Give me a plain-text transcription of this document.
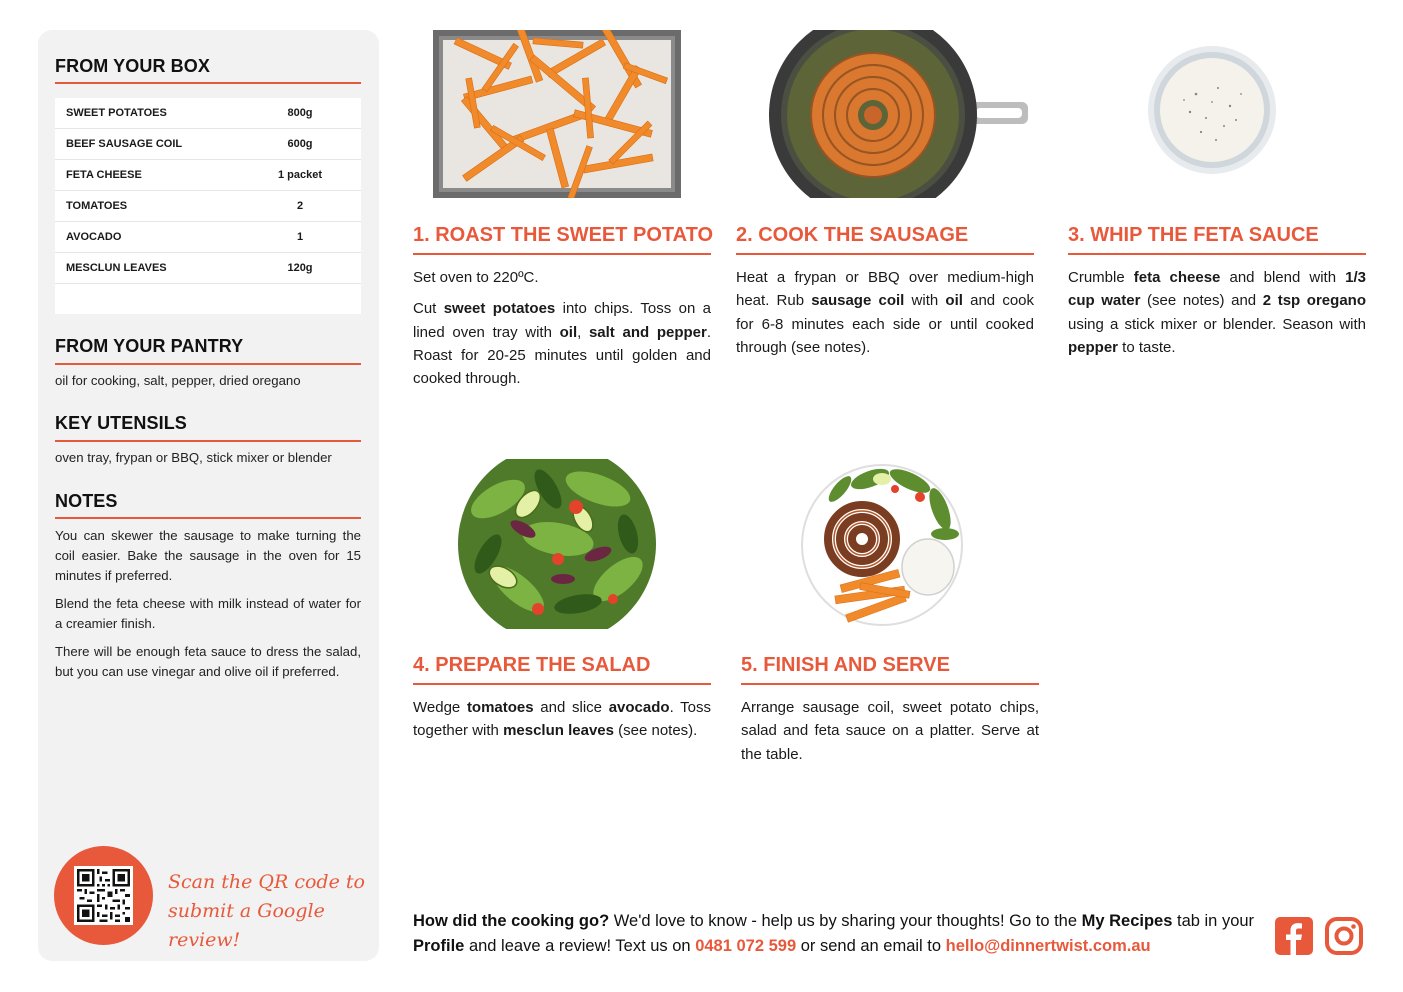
FROM YOUR BOX
SWEET POTATOES	800g
BEEF SAUSAGE COIL	600g
FETA CHEESE	1 packet
TOMATOES	2
AVOCADO	1
MESCLUN LEAVES	120g
FROM YOUR PANTRY
oil for cooking, salt, pepper, dried oregano
KEY UTENSILS
oven tray, frypan or BBQ, stick mixer or blender
NOTES

You can skewer the sausage to make turning the coil easier. Bake the sausage in the oven for 15 minutes if preferred.

Blend the feta cheese with milk instead of water for a creamier finish.

There will be enough feta sauce to dress the salad, but you can use vinegar and olive oil if preferred.

Scan the QR code to
submit a Google review!
1. ROAST THE SWEET POTATO

Set oven to 220ºC.

Cut sweet potatoes into chips. Toss on a lined oven tray with oil, salt and pepper. Roast for 20-25 minutes until golden and cooked through.

2. COOK THE SAUSAGE

Heat a frypan or BBQ over medium-high heat. Rub sausage coil with oil and cook for 6-8 minutes each side or until cooked through (see notes).

3. WHIP THE FETA SAUCE

Crumble feta cheese and blend with 1/3 cup water (see notes) and 2 tsp oregano using a stick mixer or blender. Season with pepper to taste.

4. PREPARE THE SALAD

Wedge tomatoes and slice avocado. Toss together with mesclun leaves (see notes).

5. FINISH AND SERVE

Arrange sausage coil, sweet potato chips, salad and feta sauce on a platter. Serve at the table.

How did the cooking go? We'd love to know - help us by sharing your thoughts! Go to the My Recipes tab in your Profile and leave a review! Text us on 0481 072 599 or send an email to hello@dinnertwist.com.au
